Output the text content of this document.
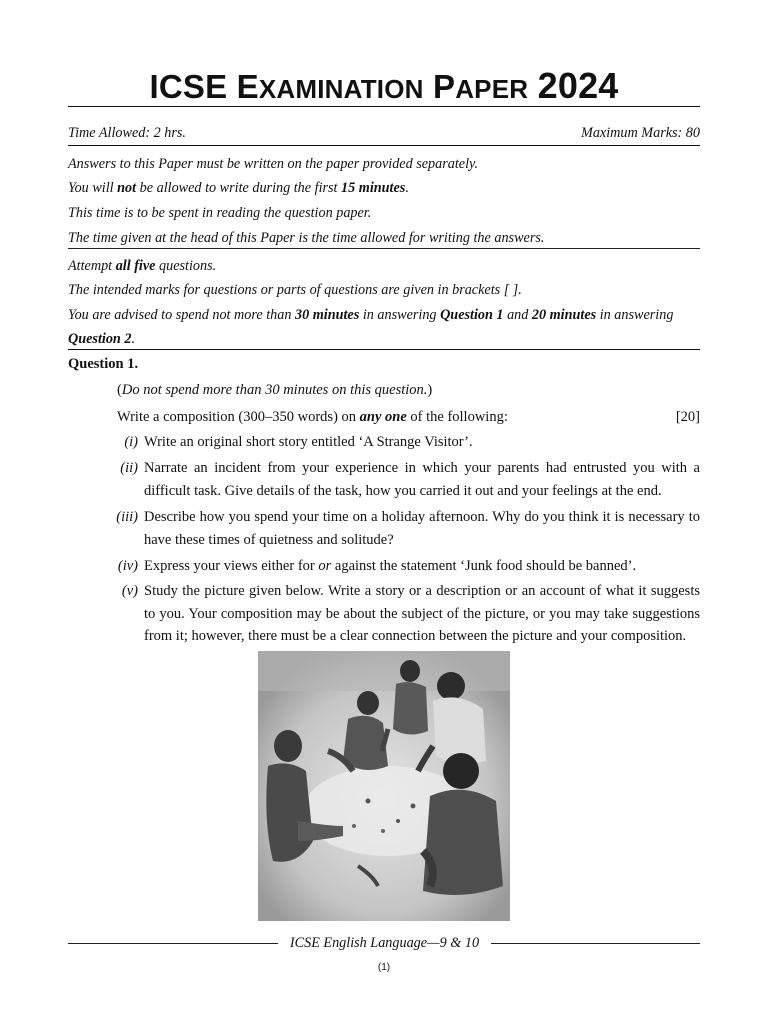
ICSE EXAMINATION PAPER 2024
Time Allowed: 2 hrs.	Maximum Marks: 80
Answers to this Paper must be written on the paper provided separately.
You will not be allowed to write during the first 15 minutes.
This time is to be spent in reading the question paper.
The time given at the head of this Paper is the time allowed for writing the answers.
Attempt all five questions.
The intended marks for questions or parts of questions are given in brackets [ ].
You are advised to spend not more than 30 minutes in answering Question 1 and 20 minutes in answering
Question 2.
Question 1.
(Do not spend more than 30 minutes on this question.)
Write a composition (300–350 words) on any one of the following:	[20]
(i) Write an original short story entitled ‘A Strange Visitor’.
(ii) Narrate an incident from your experience in which your parents had entrusted you with a difficult task. Give details of the task, how you carried it out and your feelings at the end.
(iii) Describe how you spend your time on a holiday afternoon. Why do you think it is necessary to have these times of quietness and solitude?
(iv) Express your views either for or against the statement ‘Junk food should be banned’.
(v) Study the picture given below. Write a story or a description or an account of what it suggests to you. Your composition may be about the subject of the picture, or you may take suggestions from it; however, there must be a clear connection between the picture and your composition.
ICSE English Language—9 & 10
(1)
